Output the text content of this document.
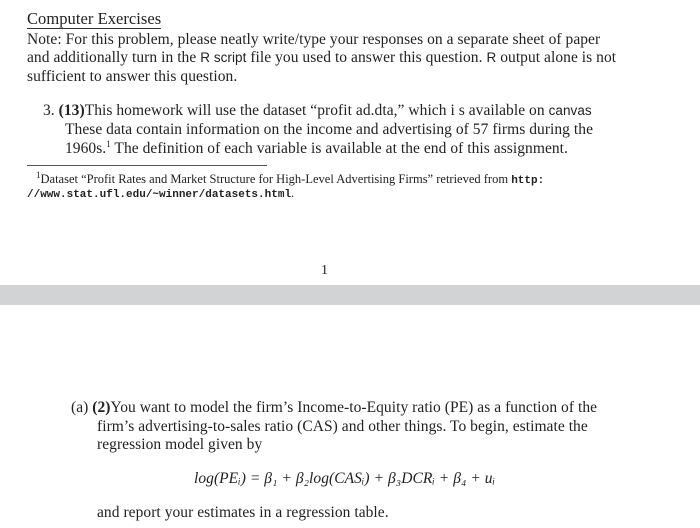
Computer Exercises
Note: For this problem, please neatly write/type your responses on a separate sheet of paper
and additionally turn in the R script file you used to answer this question. R output alone is not
sufficient to answer this question.
3. (13)This homework will use the dataset “profit ad.dta,” which i s available on canvas
These data contain information on the income and advertising of 57 firms during the
1960s.$^1$ The definition of each variable is available at the end of this assignment.
$^1$Dataset “Profit Rates and Market Structure for High-Level Advertising Firms” retrieved from http:
//www.stat.ufl.edu/~winner/datasets.html.
1
(a) (2)You want to model the firm’s Income-to-Equity ratio (PE) as a function of the
firm’s advertising-to-sales ratio (CAS) and other things. To begin, estimate the
regression model given by
log(PEᵢ) = β₁ + β₂log(CASᵢ) + β₃DCRᵢ + β₄ + uᵢ
and report your estimates in a regression table.
